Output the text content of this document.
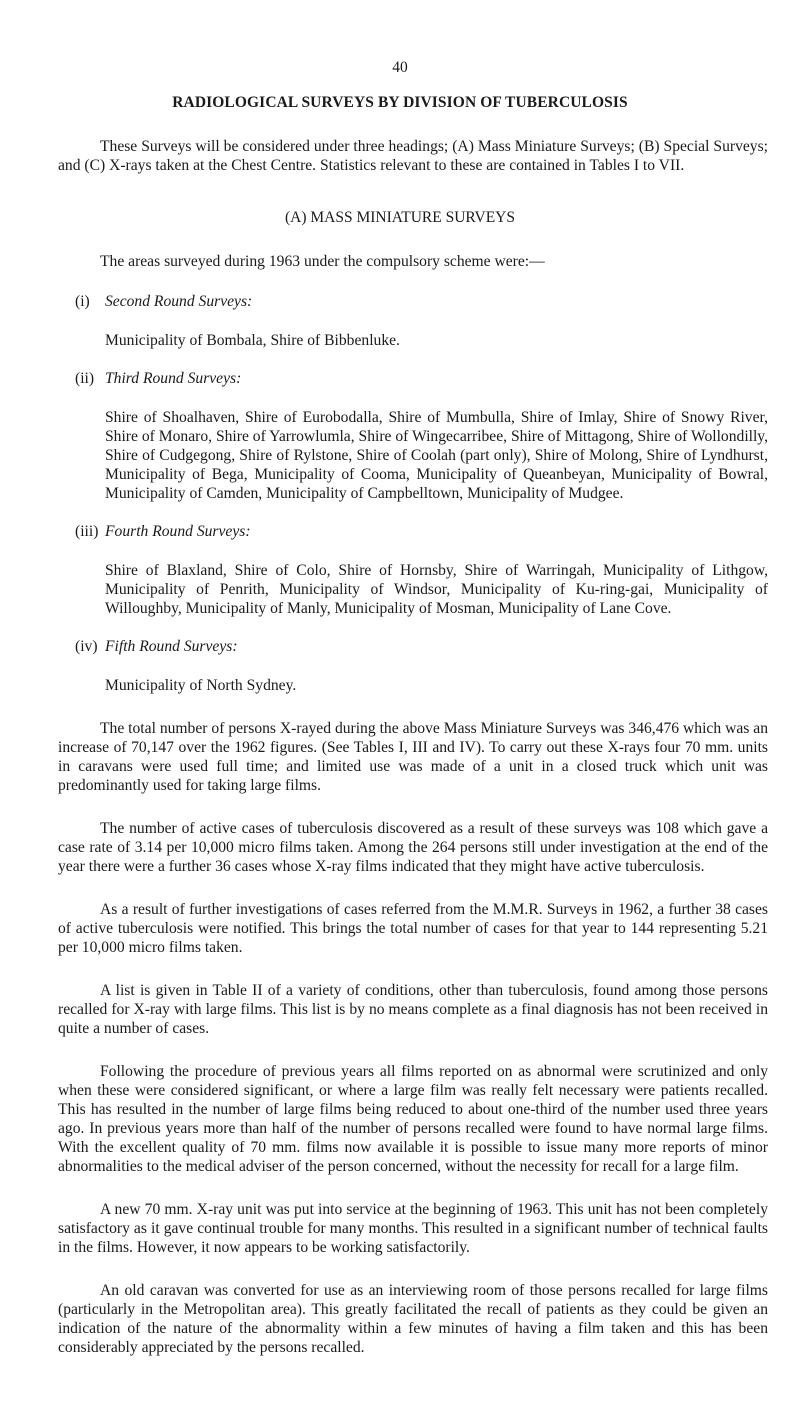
40
RADIOLOGICAL SURVEYS BY DIVISION OF TUBERCULOSIS

These Surveys will be considered under three headings; (A) Mass Miniature Surveys; (B) Special Surveys; and (C) X-rays taken at the Chest Centre. Statistics relevant to these are contained in Tables I to VII.

(A) MASS MINIATURE SURVEYS

The areas surveyed during 1963 under the compulsory scheme were:—

(i) Second Round Surveys:

Municipality of Bombala, Shire of Bibbenluke.

(ii) Third Round Surveys:

Shire of Shoalhaven, Shire of Eurobodalla, Shire of Mumbulla, Shire of Imlay, Shire of Snowy River, Shire of Monaro, Shire of Yarrowlumla, Shire of Wingecarribee, Shire of Mittagong, Shire of Wollondilly, Shire of Cudgegong, Shire of Rylstone, Shire of Coolah (part only), Shire of Molong, Shire of Lyndhurst, Municipality of Bega, Municipality of Cooma, Municipality of Queanbeyan, Municipality of Bowral, Municipality of Camden, Municipality of Campbelltown, Municipality of Mudgee.

(iii) Fourth Round Surveys:

Shire of Blaxland, Shire of Colo, Shire of Hornsby, Shire of Warringah, Municipality of Lithgow, Municipality of Penrith, Municipality of Windsor, Municipality of Ku-ring-gai, Municipality of Willoughby, Municipality of Manly, Municipality of Mosman, Municipality of Lane Cove.

(iv) Fifth Round Surveys:

Municipality of North Sydney.

The total number of persons X-rayed during the above Mass Miniature Surveys was 346,476 which was an increase of 70,147 over the 1962 figures. (See Tables I, III and IV). To carry out these X-rays four 70 mm. units in caravans were used full time; and limited use was made of a unit in a closed truck which unit was predominantly used for taking large films.

The number of active cases of tuberculosis discovered as a result of these surveys was 108 which gave a case rate of 3.14 per 10,000 micro films taken. Among the 264 persons still under investigation at the end of the year there were a further 36 cases whose X-ray films indicated that they might have active tuberculosis.

As a result of further investigations of cases referred from the M.M.R. Surveys in 1962, a further 38 cases of active tuberculosis were notified. This brings the total number of cases for that year to 144 representing 5.21 per 10,000 micro films taken.

A list is given in Table II of a variety of conditions, other than tuberculosis, found among those persons recalled for X-ray with large films. This list is by no means complete as a final diagnosis has not been received in quite a number of cases.

Following the procedure of previous years all films reported on as abnormal were scrutinized and only when these were considered significant, or where a large film was really felt necessary were patients recalled. This has resulted in the number of large films being reduced to about one-third of the number used three years ago. In previous years more than half of the number of persons recalled were found to have normal large films. With the excellent quality of 70 mm. films now available it is possible to issue many more reports of minor abnormalities to the medical adviser of the person concerned, without the necessity for recall for a large film.

A new 70 mm. X-ray unit was put into service at the beginning of 1963. This unit has not been completely satisfactory as it gave continual trouble for many months. This resulted in a significant number of technical faults in the films. However, it now appears to be working satisfactorily.

An old caravan was converted for use as an interviewing room of those persons recalled for large films (particularly in the Metropolitan area). This greatly facilitated the recall of patients as they could be given an indication of the nature of the abnormality within a few minutes of having a film taken and this has been considerably appreciated by the persons recalled.
